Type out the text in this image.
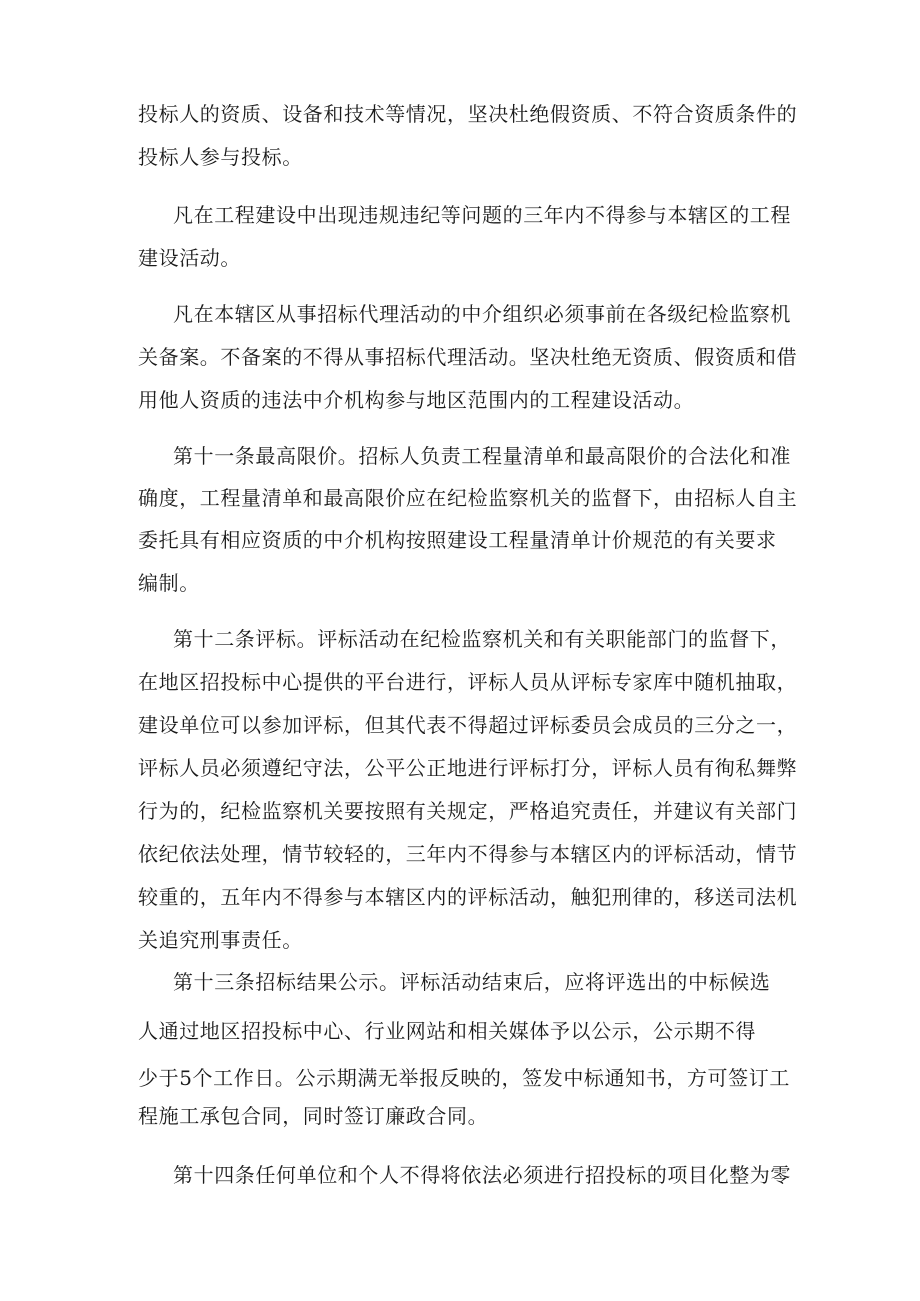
投标人的资质、设备和技术等情况，坚决杜绝假资质、不符合资质条件的
投标人参与投标。
凡在工程建设中出现违规违纪等问题的三年内不得参与本辖区的工程
建设活动。
凡在本辖区从事招标代理活动的中介组织必须事前在各级纪检监察机
关备案。不备案的不得从事招标代理活动。坚决杜绝无资质、假资质和借
用他人资质的违法中介机构参与地区范围内的工程建设活动。
第十一条最高限价。招标人负责工程量清单和最高限价的合法化和准
确度，工程量清单和最高限价应在纪检监察机关的监督下，由招标人自主
委托具有相应资质的中介机构按照建设工程量清单计价规范的有关要求
编制。
第十二条评标。评标活动在纪检监察机关和有关职能部门的监督下，
在地区招投标中心提供的平台进行，评标人员从评标专家库中随机抽取，
建设单位可以参加评标，但其代表不得超过评标委员会成员的三分之一，
评标人员必须遵纪守法，公平公正地进行评标打分，评标人员有徇私舞弊
行为的，纪检监察机关要按照有关规定，严格追究责任，并建议有关部门
依纪依法处理，情节较轻的，三年内不得参与本辖区内的评标活动，情节
较重的，五年内不得参与本辖区内的评标活动，触犯刑律的，移送司法机
关追究刑事责任。
第十三条招标结果公示。评标活动结束后，应将评选出的中标候选
人通过地区招投标中心、行业网站和相关媒体予以公示，公示期不得
少于5个工作日。公示期满无举报反映的，签发中标通知书，方可签订工
程施工承包合同，同时签订廉政合同。
第十四条任何单位和个人不得将依法必须进行招投标的项目化整为零
